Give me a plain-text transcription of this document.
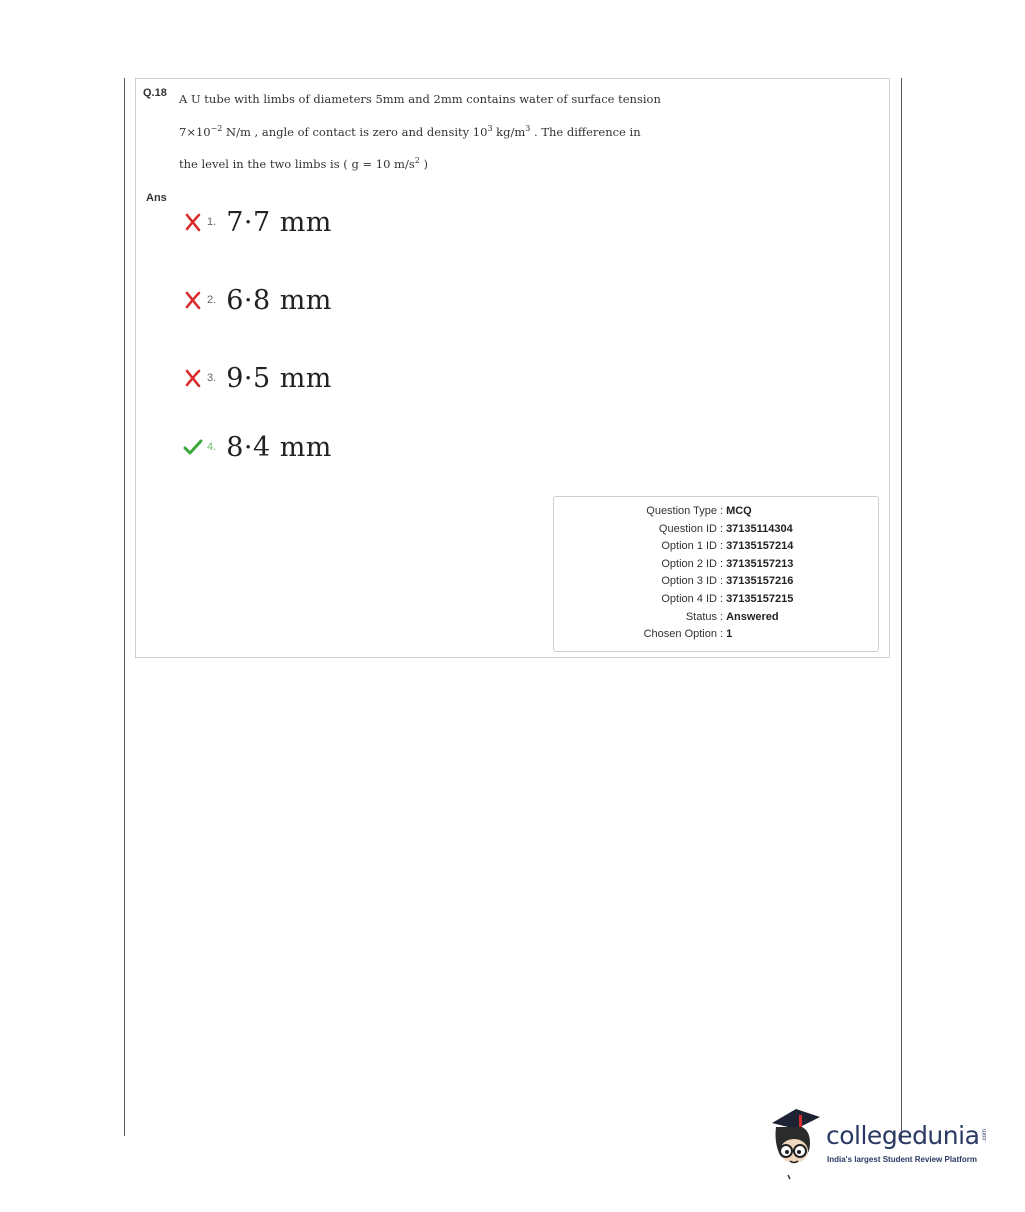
Q.18 A U tube with limbs of diameters 5mm and 2mm contains water of surface tension
$7\times 10^{-2}$ N/m , angle of contact is zero and density $10^3$ $kg/m^3$ . The difference in
the level in the two limbs is ( g = 10 $m/s^2$ )
Ans
1. 7·7 mm
2. 6·8 mm
3. 9·5 mm
4. 8·4 mm
Question Type : MCQ
Question ID : 37135114304
Option 1 ID : 37135157214
Option 2 ID : 37135157213
Option 3 ID : 37135157216
Option 4 ID : 37135157215
Status : Answered
Chosen Option : 1
collegedunia .com
India's largest Student Review Platform
